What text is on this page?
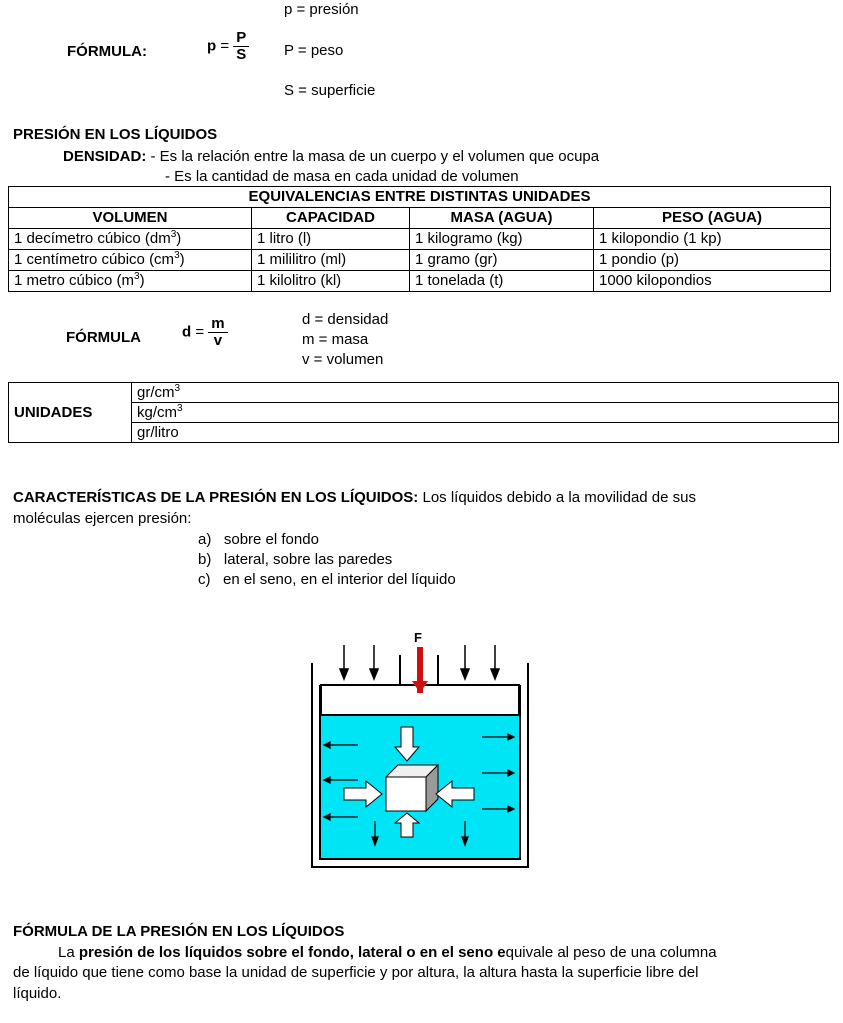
p = presión
FÓRMULA:	$p = \frac{P}{S}$ P = peso
S = superficie
PRESIÓN EN LOS LÍQUIDOS
DENSIDAD: - Es la relación entre la masa de un cuerpo y el volumen que ocupa
- Es la cantidad de masa en cada unidad de volumen
EQUIVALENCIAS ENTRE DISTINTAS UNIDADES			
VOLUMEN	CAPACIDAD	MASA (AGUA)	PESO (AGUA)
1 decímetro cúbico $(dm^3)$	1 litro (l)	1 kilogramo (kg)	1 kilopondio (1 kp)
1 centímetro cúbico $(cm^3)$	1 mililitro (ml)	1 gramo (gr)	1 pondio (p)
1 metro cúbico $(m^3)$	1 kilolitro (kl)	1 tonelada (t)	1000 kilopondios
FÓRMULA	$d = \frac{m}{v}$	d = densidad
m = masa
v = volumen
UNIDADES	$gr/cm^3$
$kg/cm^3$
gr/litro
CARACTERÍSTICAS DE LA PRESIÓN EN LOS LÍQUIDOS: Los líquidos debido a la movilidad de sus
moléculas ejercen presión:
a) sobre el fondo
b) lateral, sobre las paredes
c) en el seno, en el interior del líquido
F
FÓRMULA DE LA PRESIÓN EN LOS LÍQUIDOS
La presión de los líquidos sobre el fondo, lateral o en el seno equivale al peso de una columna
de líquido que tiene como base la unidad de superficie y por altura, la altura hasta la superficie libre del
líquido.
